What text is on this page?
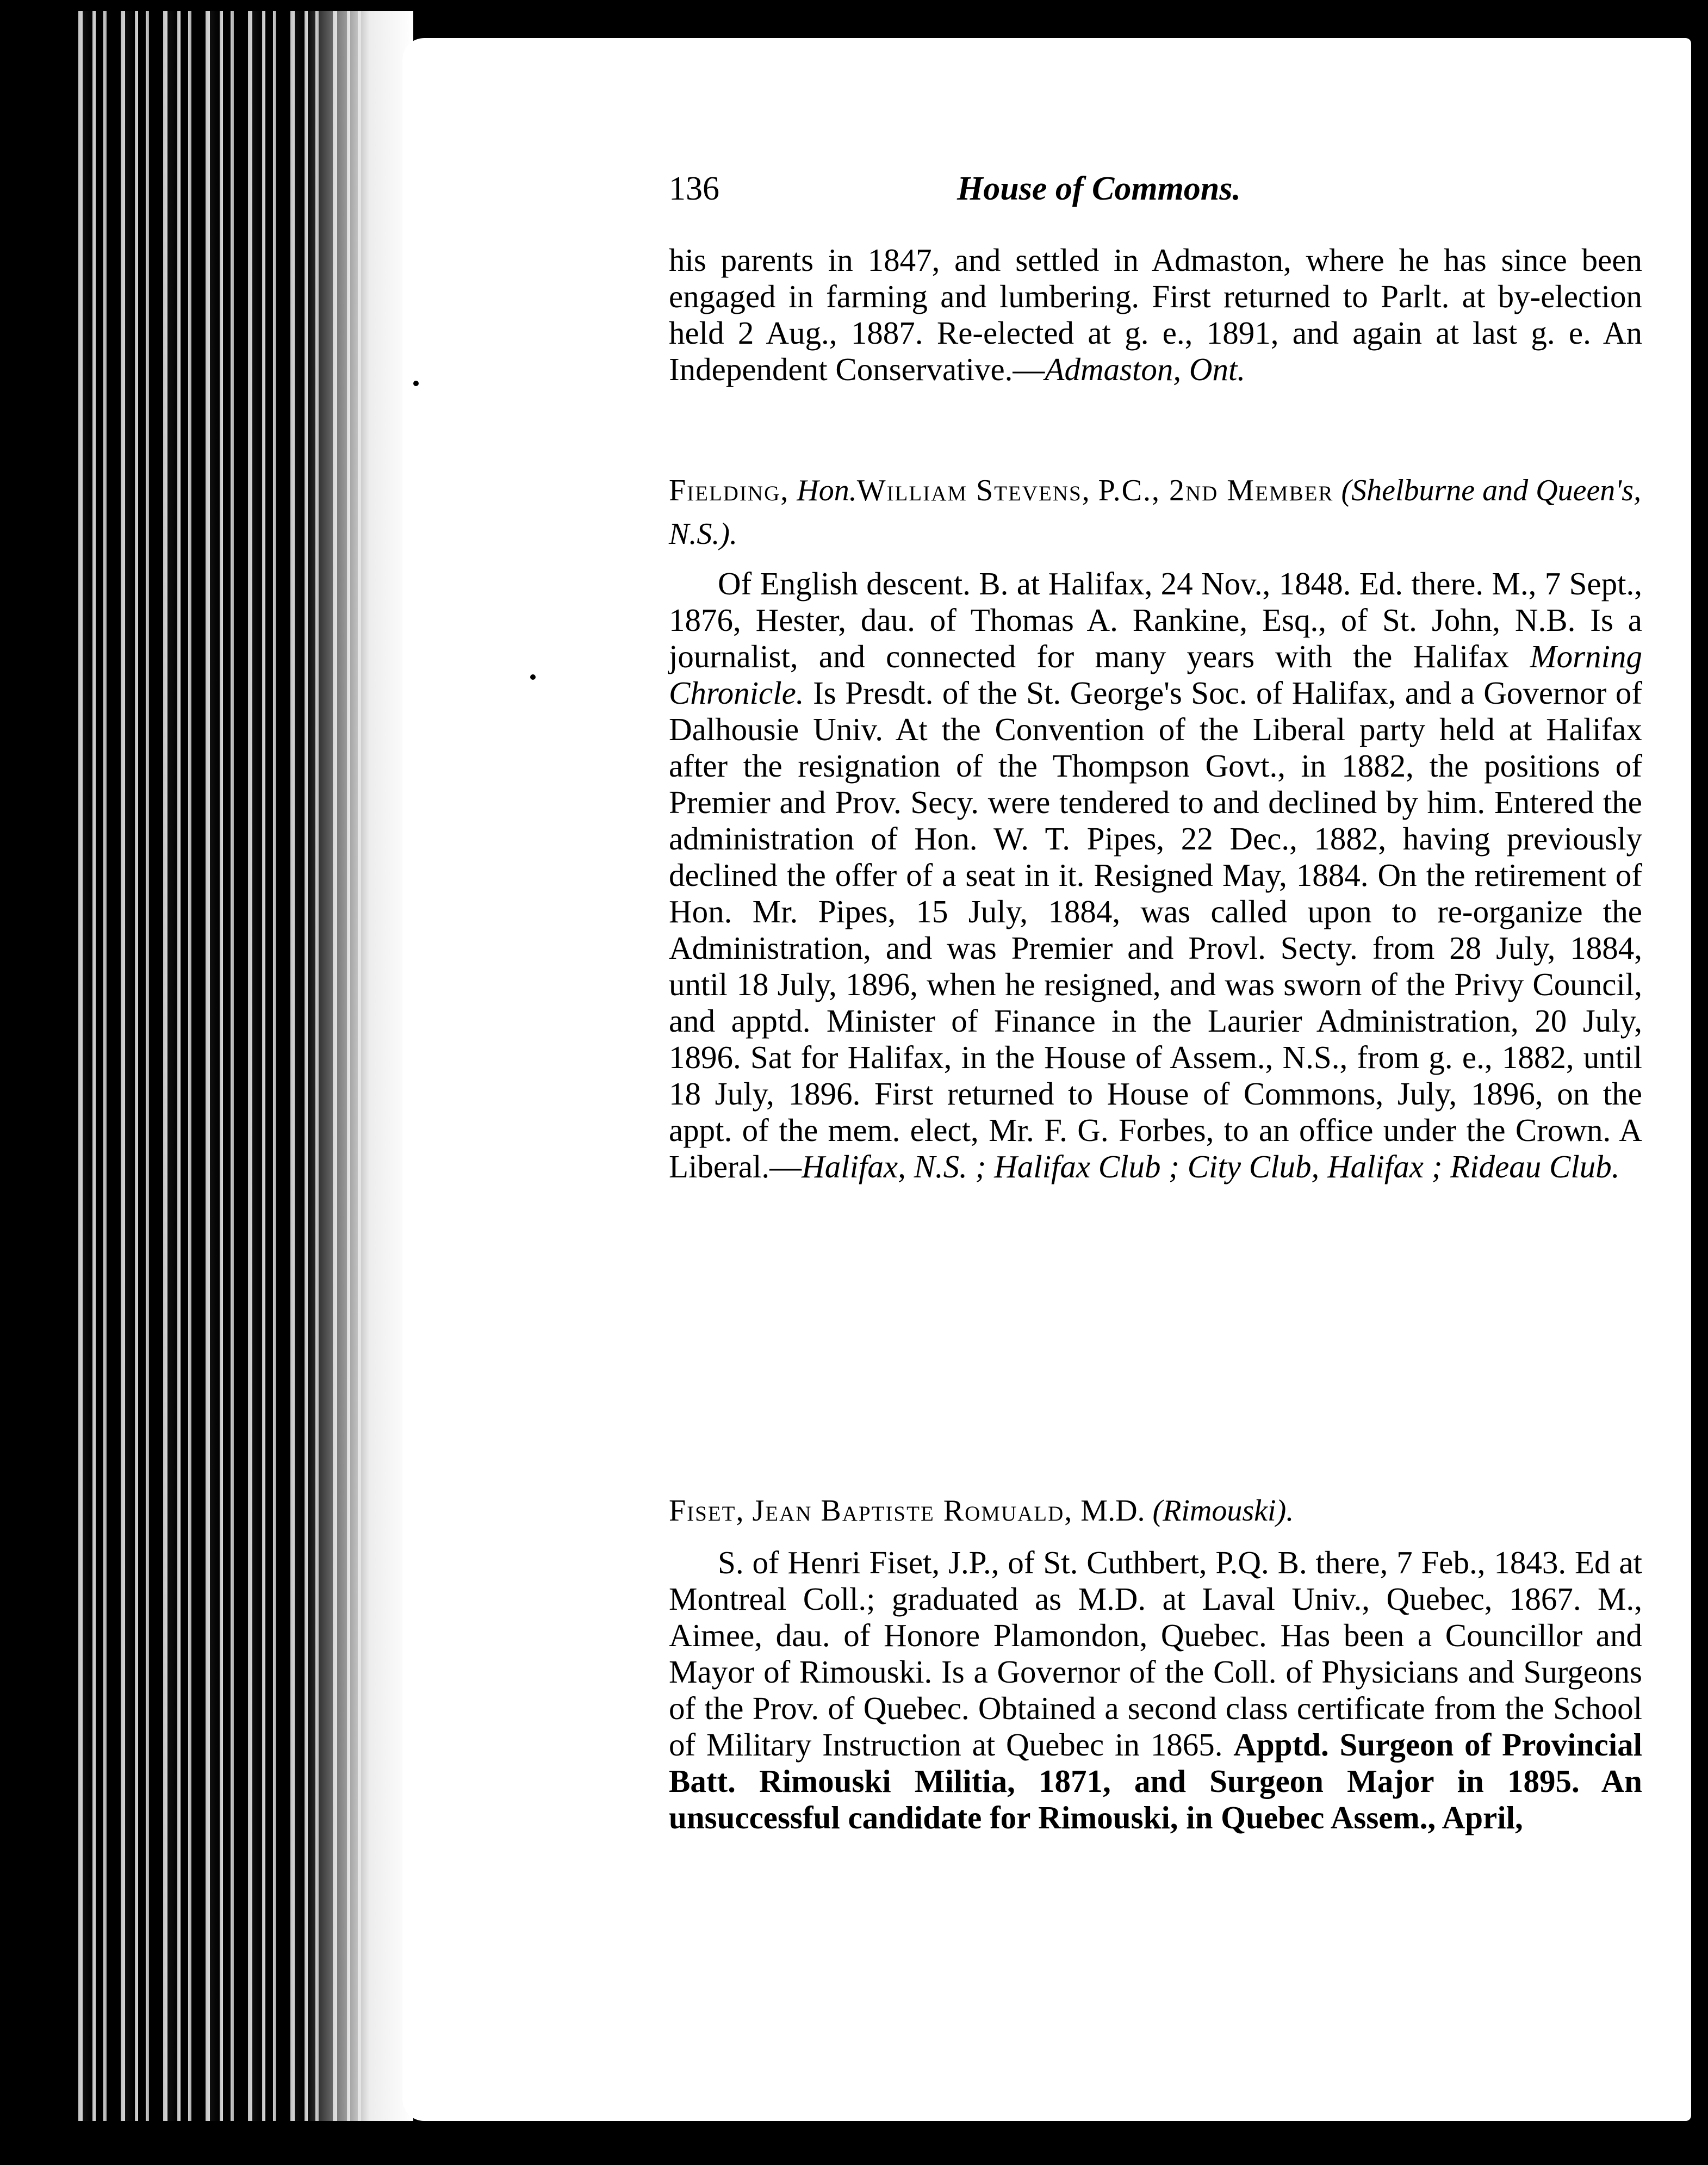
136	House of Commons.

his parents in 1847, and settled in Admaston, where he has since been engaged in farming and lumbering. First returned to Parlt. at by-election held 2 Aug., 1887. Re-elected at g. e., 1891, and again at last g. e. An Independent Conservative.—Admaston, Ont.

Fielding, Hon.William Stevens, P.C., 2nd Member (Shelburne and Queen's, N.S.).

Of English descent. B. at Halifax, 24 Nov., 1848. Ed. there. M., 7 Sept., 1876, Hester, dau. of Thomas A. Rankine, Esq., of St. John, N.B. Is a journalist, and connected for many years with the Halifax Morning Chronicle. Is Presdt. of the St. George's Soc. of Halifax, and a Governor of Dalhousie Univ. At the Convention of the Liberal party held at Halifax after the resignation of the Thompson Govt., in 1882, the positions of Premier and Prov. Secy. were tendered to and declined by him. Entered the administration of Hon. W. T. Pipes, 22 Dec., 1882, having previously declined the offer of a seat in it. Resigned May, 1884. On the retirement of Hon. Mr. Pipes, 15 July, 1884, was called upon to re-organize the Administration, and was Premier and Provl. Secty. from 28 July, 1884, until 18 July, 1896, when he resigned, and was sworn of the Privy Council, and apptd. Minister of Finance in the Laurier Administration, 20 July, 1896. Sat for Halifax, in the House of Assem., N.S., from g. e., 1882, until 18 July, 1896. First returned to House of Commons, July, 1896, on the appt. of the mem. elect, Mr. F. G. Forbes, to an office under the Crown. A Liberal.—Halifax, N.S. ; Halifax Club ; City Club, Halifax ; Rideau Club.

Fiset, Jean Baptiste Romuald, M.D. (Rimouski).

S. of Henri Fiset, J.P., of St. Cuthbert, P.Q. B. there, 7 Feb., 1843. Ed at Montreal Coll.; graduated as M.D. at Laval Univ., Quebec, 1867. M., Aimee, dau. of Honore Plamondon, Quebec. Has been a Councillor and Mayor of Rimouski. Is a Governor of the Coll. of Physicians and Surgeons of the Prov. of Quebec. Obtained a second class certificate from the School of Military Instruction at Quebec in 1865. Apptd. Surgeon of Provincial Batt. Rimouski Militia, 1871, and Surgeon Major in 1895. An unsuccessful candidate for Rimouski, in Quebec Assem., April,
